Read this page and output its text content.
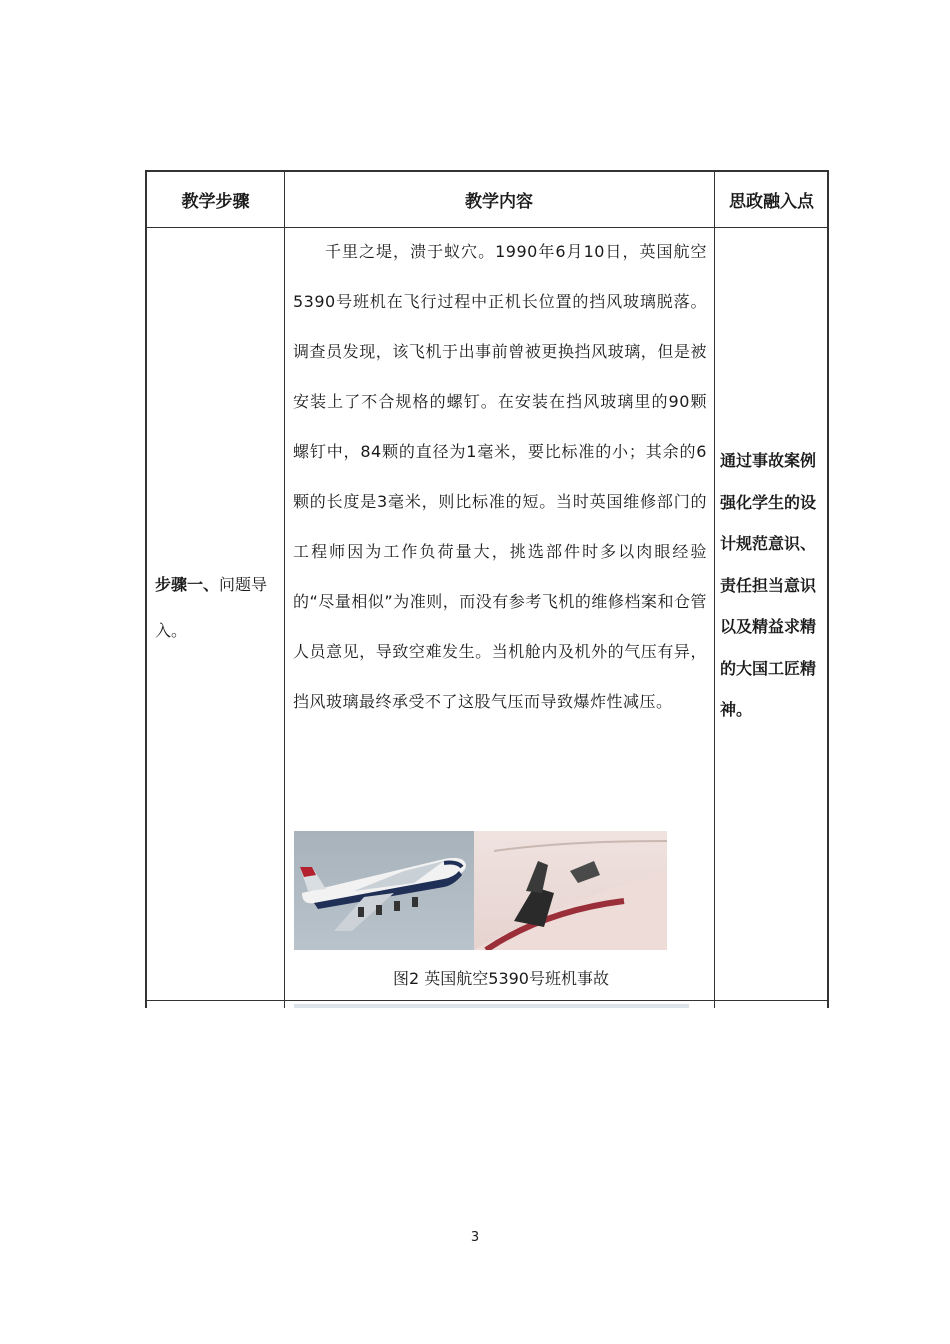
教学步骤	教学内容	思政融入点
步骤一、问题导入。

千里之堤，溃于蚁穴。1990年6月10日，英国航空5390号班机在飞行过程中正机长位置的挡风玻璃脱落。调查员发现，该飞机于出事前曾被更换挡风玻璃，但是被安装上了不合规格的螺钉。在安装在挡风玻璃里的90颗螺钉中，84颗的直径为1毫米，要比标准的小；其余的6颗的长度是3毫米，则比标准的短。当时英国维修部门的工程师因为工作负荷量大，挑选部件时多以肉眼经验的“尽量相似”为准则，而没有参考飞机的维修档案和仓管人员意见，导致空难发生。当机舱内及机外的气压有异，挡风玻璃最终承受不了这股气压而导致爆炸性减压。

图2 英国航空5390号班机事故
通过事故案例强化学生的设计规范意识、责任担当意识以及精益求精的大国工匠精神。
3
